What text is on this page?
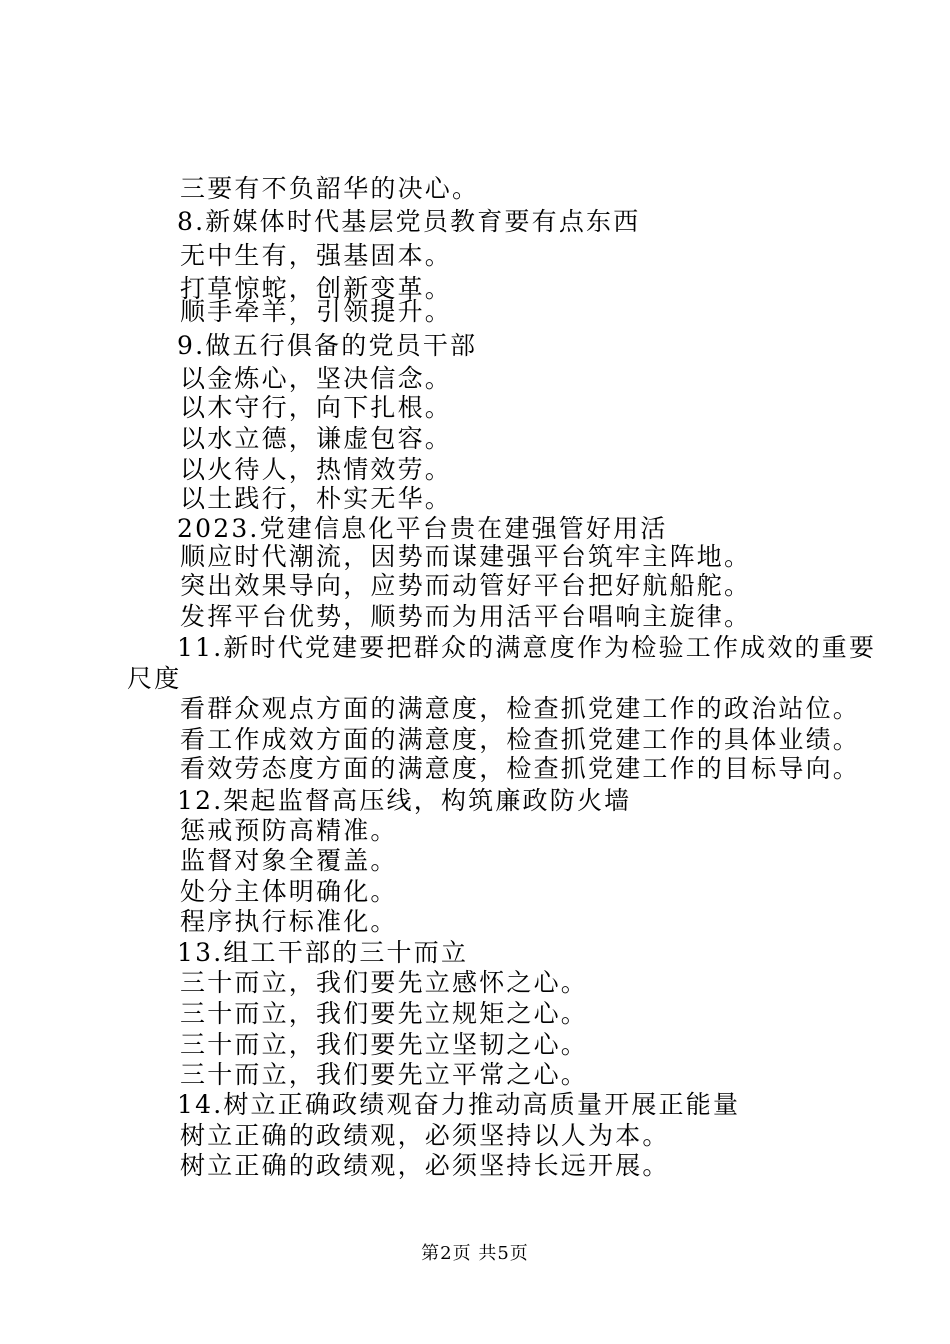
三要有不负韶华的决心。
8.新媒体时代基层党员教育要有点东西
无中生有，强基固本。
打草惊蛇，创新变革。
顺手牵羊，引领提升。
9.做五行俱备的党员干部
以金炼心，坚决信念。
以木守行，向下扎根。
以水立德，谦虚包容。
以火待人，热情效劳。
以土践行，朴实无华。
2023.党建信息化平台贵在建强管好用活
顺应时代潮流，因势而谋建强平台筑牢主阵地。
突出效果导向，应势而动管好平台把好航船舵。
发挥平台优势，顺势而为用活平台唱响主旋律。
11.新时代党建要把群众的满意度作为检验工作成效的重要
尺度
看群众观点方面的满意度，检查抓党建工作的政治站位。
看工作成效方面的满意度，检查抓党建工作的具体业绩。
看效劳态度方面的满意度，检查抓党建工作的目标导向。
12.架起监督高压线，构筑廉政防火墙
惩戒预防高精准。
监督对象全覆盖。
处分主体明确化。
程序执行标准化。
13.组工干部的三十而立
三十而立，我们要先立感怀之心。
三十而立，我们要先立规矩之心。
三十而立，我们要先立坚韧之心。
三十而立，我们要先立平常之心。
14.树立正确政绩观奋力推动高质量开展正能量
树立正确的政绩观，必须坚持以人为本。
树立正确的政绩观，必须坚持长远开展。
第2页 共5页
